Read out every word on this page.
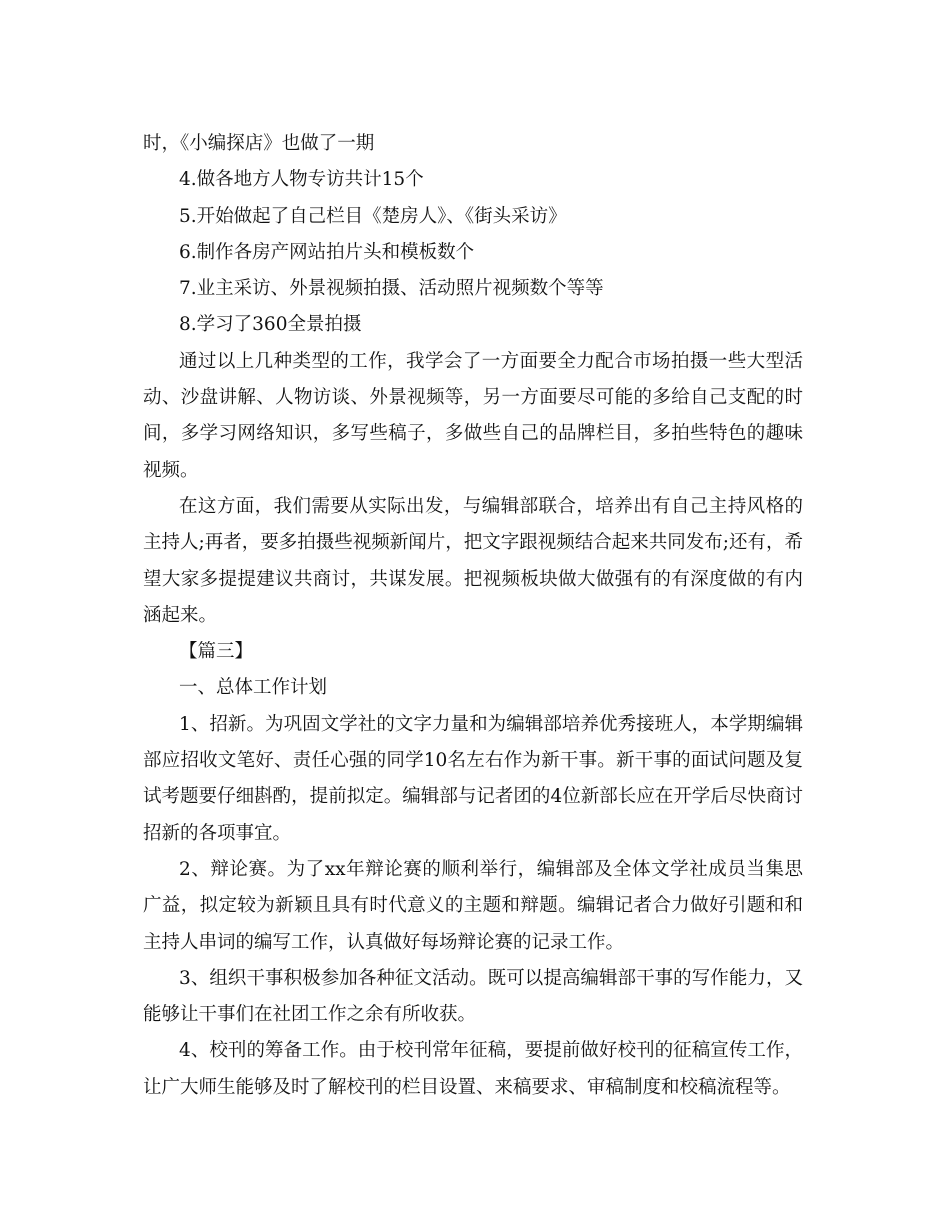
时，《小编探店》也做了一期

4.做各地方人物专访共计15个

5.开始做起了自己栏目《楚房人》、《街头采访》

6.制作各房产网站拍片头和模板数个

7.业主采访、外景视频拍摄、活动照片视频数个等等

8.学习了360全景拍摄

通过以上几种类型的工作，我学会了一方面要全力配合市场拍摄一些大型活动、沙盘讲解、人物访谈、外景视频等，另一方面要尽可能的多给自己支配的时间，多学习网络知识，多写些稿子，多做些自己的品牌栏目，多拍些特色的趣味视频。

在这方面，我们需要从实际出发，与编辑部联合，培养出有自己主持风格的主持人;再者，要多拍摄些视频新闻片，把文字跟视频结合起来共同发布;还有，希望大家多提提建议共商讨，共谋发展。把视频板块做大做强有的有深度做的有内涵起来。

【篇三】

一、总体工作计划

1、招新。为巩固文学社的文字力量和为编辑部培养优秀接班人，本学期编辑部应招收文笔好、责任心强的同学10名左右作为新干事。新干事的面试问题及复试考题要仔细斟酌，提前拟定。编辑部与记者团的4位新部长应在开学后尽快商讨招新的各项事宜。

2、辩论赛。为了xx年辩论赛的顺利举行，编辑部及全体文学社成员当集思广益，拟定较为新颖且具有时代意义的主题和辩题。编辑记者合力做好引题和和主持人串词的编写工作，认真做好每场辩论赛的记录工作。

3、组织干事积极参加各种征文活动。既可以提高编辑部干事的写作能力，又能够让干事们在社团工作之余有所收获。

4、校刊的筹备工作。由于校刊常年征稿，要提前做好校刊的征稿宣传工作，让广大师生能够及时了解校刊的栏目设置、来稿要求、审稿制度和校稿流程等。
